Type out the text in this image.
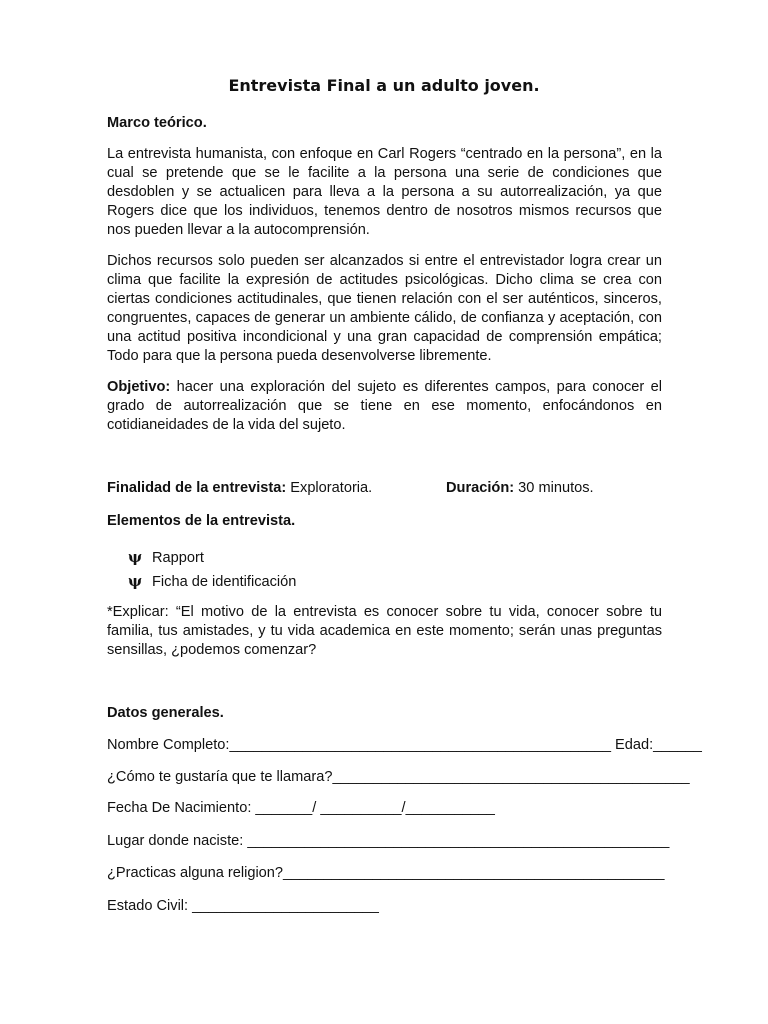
Entrevista Final a un adulto joven.
Marco teórico.

La entrevista humanista, con enfoque en Carl Rogers “centrado en la persona”, en la cual se pretende que se le facilite a la persona una serie de condiciones que desdoblen y se actualicen para lleva a la persona a su autorrealización, ya que Rogers dice que los individuos, tenemos dentro de nosotros mismos recursos que nos pueden llevar a la autocomprensión.

Dichos recursos solo pueden ser alcanzados si entre el entrevistador logra crear un clima que facilite la expresión de actitudes psicológicas. Dicho clima se crea con ciertas condiciones actitudinales, que tienen relación con el ser auténticos, sinceros, congruentes, capaces de generar un ambiente cálido, de confianza y aceptación, con una actitud positiva incondicional y una gran capacidad de comprensión empática; Todo para que la persona pueda desenvolverse libremente.

Objetivo: hacer una exploración del sujeto es diferentes campos, para conocer el grado de autorrealización que se tiene en ese momento, enfocándonos en cotidianeidades de la vida del sujeto.

Finalidad de la entrevista: Exploratoria.	Duración: 30 minutos.
Elementos de la entrevista.
ψ Rapport
ψ Ficha de identificación

*Explicar: “El motivo de la entrevista es conocer sobre tu vida, conocer sobre tu familia, tus amistades, y tu vida academica en este momento; serán unas preguntas sensillas, ¿podemos comenzar?

Datos generales.
Nombre Completo:_______________________________________________ Edad:______
¿Cómo te gustaría que te llamara?____________________________________________
Fecha De Nacimiento: _______/ __________/___________
Lugar donde naciste: ____________________________________________________
¿Practicas alguna religion?_______________________________________________
Estado Civil: _______________________
